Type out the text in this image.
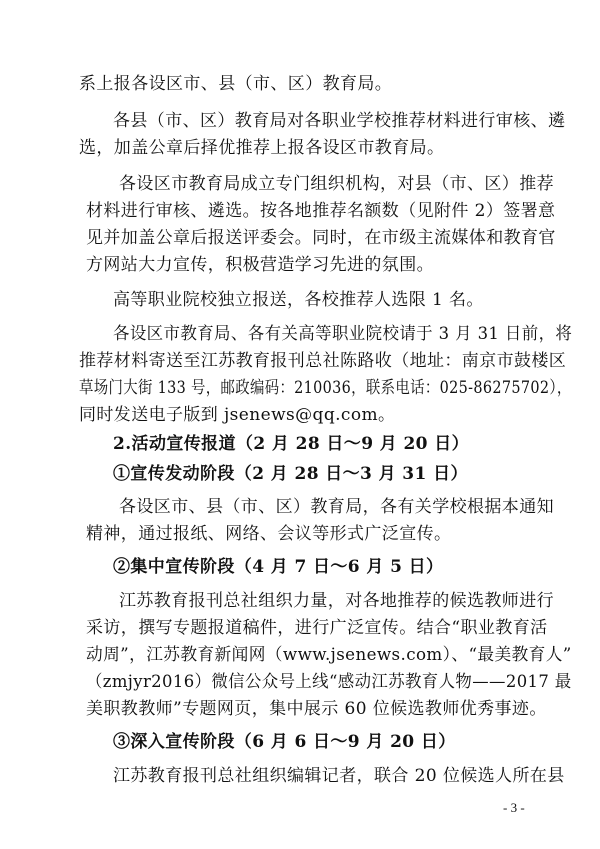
系上报各设区市、县（市、区）教育局。
各县（市、区）教育局对各职业学校推荐材料进行审核、遴
选，加盖公章后择优推荐上报各设区市教育局。
各设区市教育局成立专门组织机构，对县（市、区）推荐
材料进行审核、遴选。按各地推荐名额数（见附件 2）签署意
见并加盖公章后报送评委会。同时，在市级主流媒体和教育官
方网站大力宣传，积极营造学习先进的氛围。
高等职业院校独立报送，各校推荐人选限 1 名。
各设区市教育局、各有关高等职业院校请于 3 月 31 日前，将
推荐材料寄送至江苏教育报刊总社陈路收（地址：南京市鼓楼区
草场门大街 133 号，邮政编码：210036，联系电话：025-86275702），
同时发送电子版到 jsenews@qq.com。
2.活动宣传报道（2 月 28 日～9 月 20 日）
①宣传发动阶段（2 月 28 日～3 月 31 日）
各设区市、县（市、区）教育局，各有关学校根据本通知
精神，通过报纸、网络、会议等形式广泛宣传。
②集中宣传阶段（4 月 7 日～6 月 5 日）
江苏教育报刊总社组织力量，对各地推荐的候选教师进行
采访，撰写专题报道稿件，进行广泛宣传。结合“职业教育活
动周”，江苏教育新闻网（www.jsenews.com）、“最美教育人”
（zmjyr2016）微信公众号上线“感动江苏教育人物——2017 最
美职教教师”专题网页，集中展示 60 位候选教师优秀事迹。
③深入宣传阶段（6 月 6 日～9 月 20 日）
江苏教育报刊总社组织编辑记者，联合 20 位候选人所在县
- 3 -
